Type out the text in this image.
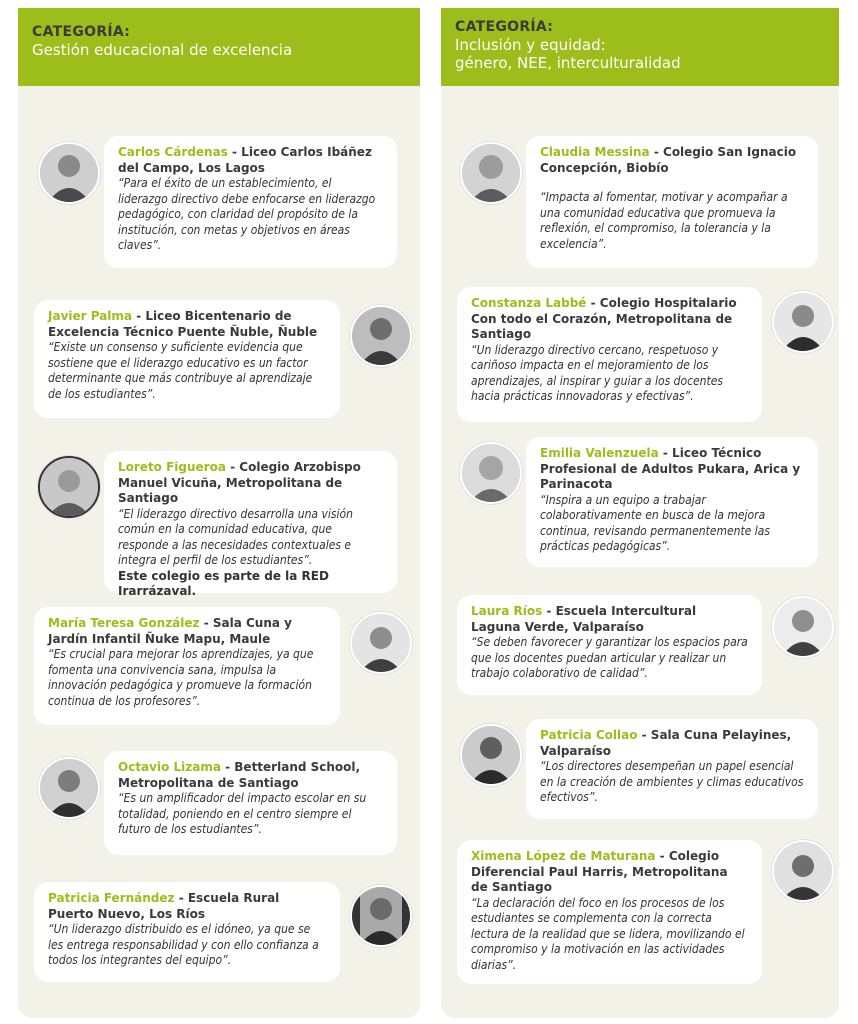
CATEGORÍA:
Gestión educacional de excelencia
CATEGORÍA:
Inclusión y equidad:
género, NEE, interculturalidad
Carlos Cárdenas - Liceo Carlos Ibáñez del Campo, Los Lagos
“Para el éxito de un establecimiento, el liderazgo directivo debe enfocarse en liderazgo pedagógico, con claridad del propósito de la institución, con metas y objetivos en áreas claves”.
Javier Palma - Liceo Bicentenario de Excelencia Técnico Puente Ñuble, Ñuble
“Existe un consenso y suficiente evidencia que sostiene que el liderazgo educativo es un factor determinante que más contribuye al aprendizaje de los estudiantes”.
Loreto Figueroa - Colegio Arzobispo Manuel Vicuña, Metropolitana de Santiago
“El liderazgo directivo desarrolla una visión común en la comunidad educativa, que responde a las necesidades contextuales e integra el perfil de los estudiantes”.
Este colegio es parte de la RED Irarrázaval.
María Teresa González - Sala Cuna y Jardín Infantil Ñuke Mapu, Maule
“Es crucial para mejorar los aprendizajes, ya que fomenta una convivencia sana, impulsa la innovación pedagógica y promueve la formación continua de los profesores”.
Octavio Lizama - Betterland School, Metropolitana de Santiago
“Es un amplificador del impacto escolar en su totalidad, poniendo en el centro siempre el futuro de los estudiantes”.
Patricia Fernández - Escuela Rural Puerto Nuevo, Los Ríos
“Un liderazgo distribuido es el idóneo, ya que se les entrega responsabilidad y con ello confianza a todos los integrantes del equipo”.
Claudia Messina - Colegio San Ignacio Concepción, Biobío
“Impacta al fomentar, motivar y acompañar a una comunidad educativa que promueva la reflexión, el compromiso, la tolerancia y la excelencia”.
Constanza Labbé - Colegio Hospitalario Con todo el Corazón, Metropolitana de Santiago
“Un liderazgo directivo cercano, respetuoso y cariñoso impacta en el mejoramiento de los aprendizajes, al inspirar y guiar a los docentes hacia prácticas innovadoras y efectivas”.
Emilia Valenzuela - Liceo Técnico Profesional de Adultos Pukara, Arica y Parinacota
“Inspira a un equipo a trabajar colaborativamente en busca de la mejora continua, revisando permanentemente las prácticas pedagógicas”.
Laura Ríos - Escuela Intercultural Laguna Verde, Valparaíso
“Se deben favorecer y garantizar los espacios para que los docentes puedan articular y realizar un trabajo colaborativo de calidad”.
Patricia Collao - Sala Cuna Pelayines, Valparaíso
“Los directores desempeñan un papel esencial en la creación de ambientes y climas educativos efectivos”.
Ximena López de Maturana - Colegio Diferencial Paul Harris, Metropolitana de Santiago
“La declaración del foco en los procesos de los estudiantes se complementa con la correcta lectura de la realidad que se lidera, movilizando el compromiso y la motivación en las actividades diarias”.
